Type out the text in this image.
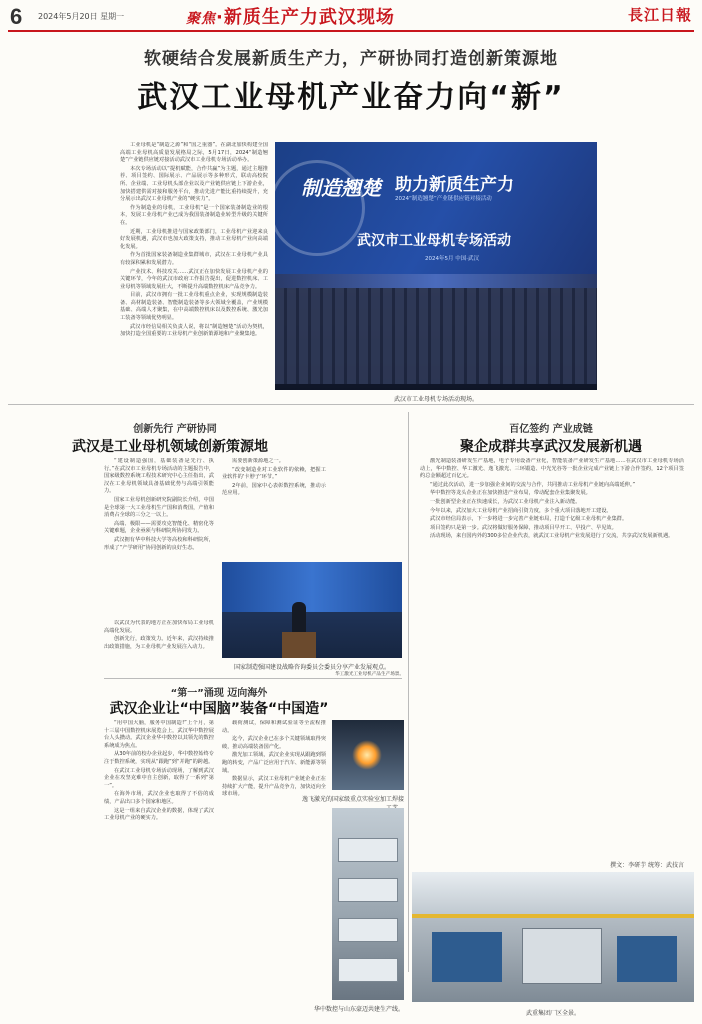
6 2024年5月20日 星期一	聚焦·新质生产力武汉现场	長江日報
软硬结合发展新质生产力，产研协同打造创新策源地
武汉工业母机产业奋力向“新”

工业母机是“制造之源”和“国之重器”。在湖北加快构建全国高端工业母机高质量发展格局之际，5月17日，2024“制造翘楚”产业链供应链对接活动武汉市工业母机专场活动举办。

本次专场活动以“提机赋能，合作共赢”为主题，通过主题推荐、项目签约、国际展示、产品展示等多种形式，联动高校院所、企业端、工业母机头部企业以及产业链供应链上下游企业，加快搭建供需对接和服务平台，推动先进产能比重持续提升，充分展示出武汉工业母机产业的“硬实力”。

作为制造业的母机，工业母机“是一个国家装备制造业的根本，发展工业母机产业已成为我国装备制造业转型升级的关键所在。

近期，工业母机推进与国家政策部门，工业母机产业迎来良好发展机遇，武汉市也加大政策支持，推动工业母机产业向高端化发展。

作为首批国家装备制造业集群城市，武汉在工业母机产业具有较深积累和发展潜力。

产业技术、科技攻关……武汉正在加快发展工业母机产业的关键环节，今年的武汉市政府工作报告提出，促进数控机床、工业母机等领域发展壮大，不断提升高端数控机床产品竞争力。

目前，武汉市拥有一批工业母机重点企业，实现规模制造装备、高材制造装备、智能制造装备等多大领域全覆盖，产业规模基础、高端人才聚集，在中高端数控机床以及数控系统、激光加工装备等领域优势明显。

武汉市经信局相关负责人说，将以“制造翘楚”活动为契机，加快打造全国重要的工业母机产业创新策源地和产业聚集地。

制造翘楚 助力新质生产力
2024“制造翘楚”产业链供应链对接活动
武汉市工业母机专场活动
2024年5月 中国·武汉
武汉市工业母机专场活动现场。
创新先行 产研协同
武汉是工业母机领域创新策源地

“建设制造强国，基础装备是先行、执行。”在武汉市工业母机专场活动的主题报告中，国家级数控系统工程技术研究中心主任指出，武汉在工业母机领域具备基础优势与高端引领能力。

国家工业母机创新研究院副院长介绍，中国是全球第一大工业母机生产国和消费国，产值和消费占全球的三分之一以上。

高端、极限——需要攻克智能化、精密化等关键难题，企业亟须与科研院所协同发力。

武汉拥有华中科技大学等高校和科研院所，形成了“产学研用”协同创新的良好生态。

需要创新策源地之一。

“改变制造业对工业软件的依赖，把握工业软件的‘卡脖子’环节。”

2年前，国家中心表彰数控系统，推动示范应用。

国家制造强国建设战略咨询委员会委员分享产业发展观点。

以武汉为代表的地方正在加快布局工业母机高端化发展。

创新先行，政策发力。近年来，武汉持续推出政策措施，为工业母机产业发展注入动力。

“第一”涌现 迈向海外
武汉企业让“中国脑”装备“中国造”

“用中国大脑，服务中国制造!”上个月，第十三届中国数控机床展览会上，武汉华中数控展台人头攒动。武汉企业华中数控以其领先的数控系统成为焦点。

从30年前的校办企业起步，华中数控始终专注于数控系统，实现从“跟跑”到“并跑”的跨越。

在武汉工业母机专场活动现场，了解到武汉企业在攻坚克难中自主创新，取得了一系列“第一”。

在海外市场，武汉企业也取得了不俗的成绩，产品出口多个国家和地区。

这是一组来自武汉企业的数据，体现了武汉工业母机产业的硬实力。

载荷测试，保障和测试验证等全流程推动。

迄今，武汉企业已在多个关键领域取得突破，推动高端装备国产化。

激光加工领域，武汉企业实现从跟跑到领跑的转变，产品广泛应用于汽车、新能源等领域。

数据显示，武汉工业母机产业链企业正在持续扩大产能，提升产品竞争力，加快迈向全球市场。

逸飞激光的国家级重点实验室加工焊接
华中数控与山东豪迈共建生产线。
百亿签约 产业成链
聚企成群共享武汉发展新机遇

激光制造装备研发生产基地，电子专用设备产业化，智能装备产业研发生产基地……在武汉市工业母机专场活动上，华中数控、华工激光、逸飞激光、三环锻造、中光光谷等一批企业完成产业链上下游合作签约，12个项目签约总金额超过百亿元。

“通过此次活动，进一步加强企业间的交流与合作，共同推动工业母机产业链向高端延伸。”

华中数控等龙头企业正在加快推进产业布局，带动配套企业集聚发展。

一批创新型企业正在快速成长，为武汉工业母机产业注入新动能。

今年以来，武汉加大工业母机产业招商引资力度，多个重大项目落地开工建设。

武汉市经信局表示，下一步将进一步完善产业链布局，打造千亿级工业母机产业集群。

项目签约只是第一步。武汉将做好服务保障，推动项目早开工、早投产、早见效。

活动现场，来自国内外的300多位企业代表，就武汉工业母机产业发展进行了交流，共享武汉发展新机遇。

撰文：李研芋 统筹：武技言
武重集团厂区全景。
华工激光工业母机产品生产场景。
